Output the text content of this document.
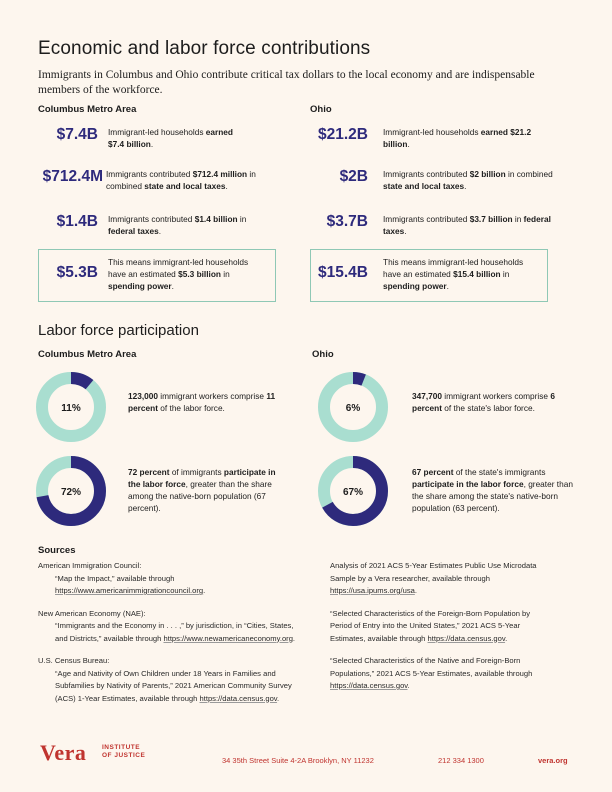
Economic and labor force contributions
Immigrants in Columbus and Ohio contribute critical tax dollars to the local economy and are indispensable members of the workforce.
Columbus Metro Area	Ohio
$7.4B Immigrant-led households earned $7.4 billion.
$712.4M Immigrants contributed $712.4 million in combined state and local taxes.
$1.4B Immigrants contributed $1.4 billion in federal taxes.
$5.3B
This means immigrant-led households have an estimated $5.3 billion in spending power.
$21.2B Immigrant-led households earned $21.2 billion.
$2B Immigrants contributed $2 billion in combined state and local taxes.
$3.7B Immigrants contributed $3.7 billion in federal taxes.
$15.4B
This means immigrant-led households have an estimated $15.4 billion in spending power.
Labor force participation
Columbus Metro Area	Ohio
11%
72%
6%
67%
123,000 immigrant workers comprise 11 percent of the labor force.
72 percent of immigrants participate in the labor force, greater than the share among the native-born population (67 percent).
347,700 immigrant workers comprise 6 percent of the state's labor force.
67 percent of the state's immigrants participate in the labor force, greater than the share among the state's native-born population (63 percent).
Sources
American Immigration Council:
“Map the Impact,” available through https://www.americanimmigrationcouncil.org.
New American Economy (NAE):
“Immigrants and the Economy in . . . ,” by jurisdiction, in “Cities, States, and Districts,” available through https://www.newamericaneconomy.org.
U.S. Census Bureau:
“Age and Nativity of Own Children under 18 Years in Families and Subfamilies by Nativity of Parents,” 2021 American Community Survey (ACS) 1-Year Estimates, available through https://data.census.gov.
Analysis of 2021 ACS 5-Year Estimates Public Use Microdata Sample by a Vera researcher, available through https://usa.ipums.org/usa.
“Selected Characteristics of the Foreign-Born Population by Period of Entry into the United States,” 2021 ACS 5-Year Estimates, available through https://data.census.gov.
“Selected Characteristics of the Native and Foreign-Born Populations,” 2021 ACS 5-Year Estimates, available through https://data.census.gov.
Vera INSTITUTE
OF JUSTICE
34 35th Street Suite 4-2A Brooklyn, NY 11232	212 334 1300	vera.org
